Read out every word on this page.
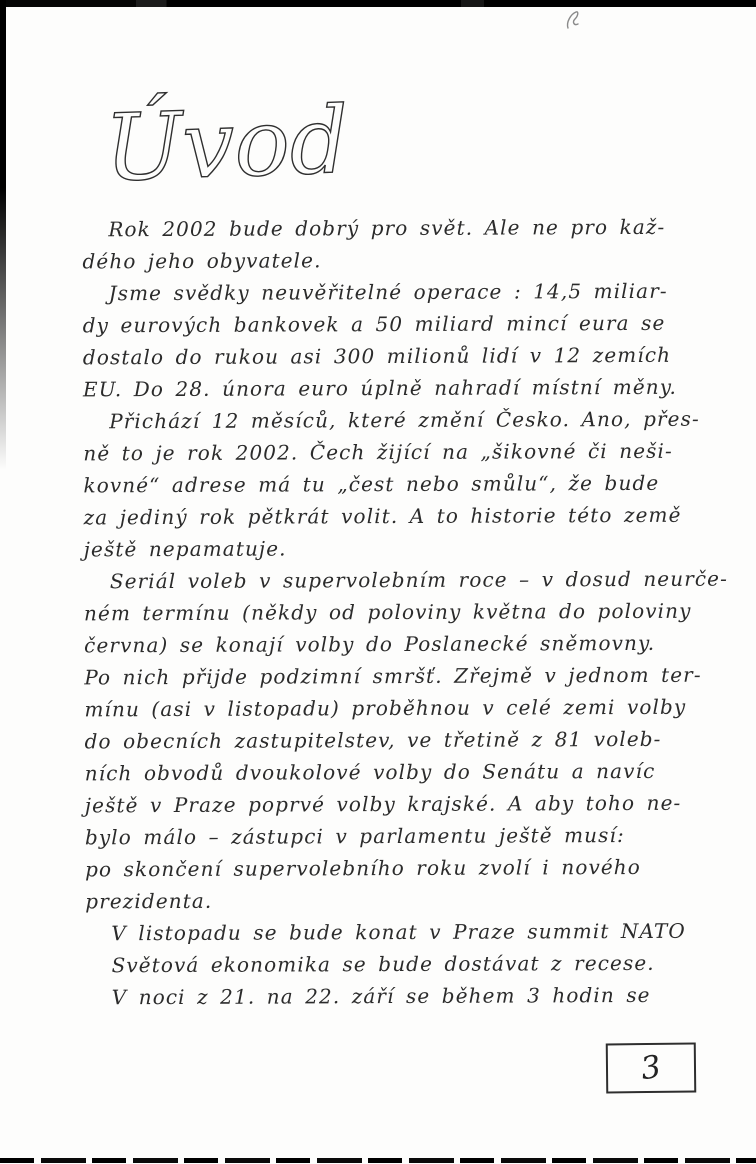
Úvod
Rok 2002 bude dobrý pro svět. Ale ne pro kaž-
dého jeho obyvatele.
Jsme svědky neuvěřitelné operace : 14,5 miliar-
dy eurových bankovek a 50 miliard mincí eura se
dostalo do rukou asi 300 milionů lidí v 12 zemích
EU. Do 28. února euro úplně nahradí místní měny.
Přichází 12 měsíců, které změní Česko. Ano, přes-
ně to je rok 2002. Čech žijící na „šikovné či neši-
kovné“ adrese má tu „čest nebo smůlu“, že bude
za jediný rok pětkrát volit. A to historie této země
ještě nepamatuje.
Seriál voleb v supervolebním roce – v dosud neurče-
ném termínu (někdy od poloviny května do poloviny
června) se konají volby do Poslanecké sněmovny.
Po nich přijde podzimní smršť. Zřejmě v jednom ter-
mínu (asi v listopadu) proběhnou v celé zemi volby
do obecních zastupitelstev, ve třetině z 81 voleb-
ních obvodů dvoukolové volby do Senátu a navíc
ještě v Praze poprvé volby krajské. A aby toho ne-
bylo málo – zástupci v parlamentu ještě musí:
po skončení supervolebního roku zvolí i nového
prezidenta.
V listopadu se bude konat v Praze summit NATO
Světová ekonomika se bude dostávat z recese.
V noci z 21. na 22. září se během 3 hodin se
3
